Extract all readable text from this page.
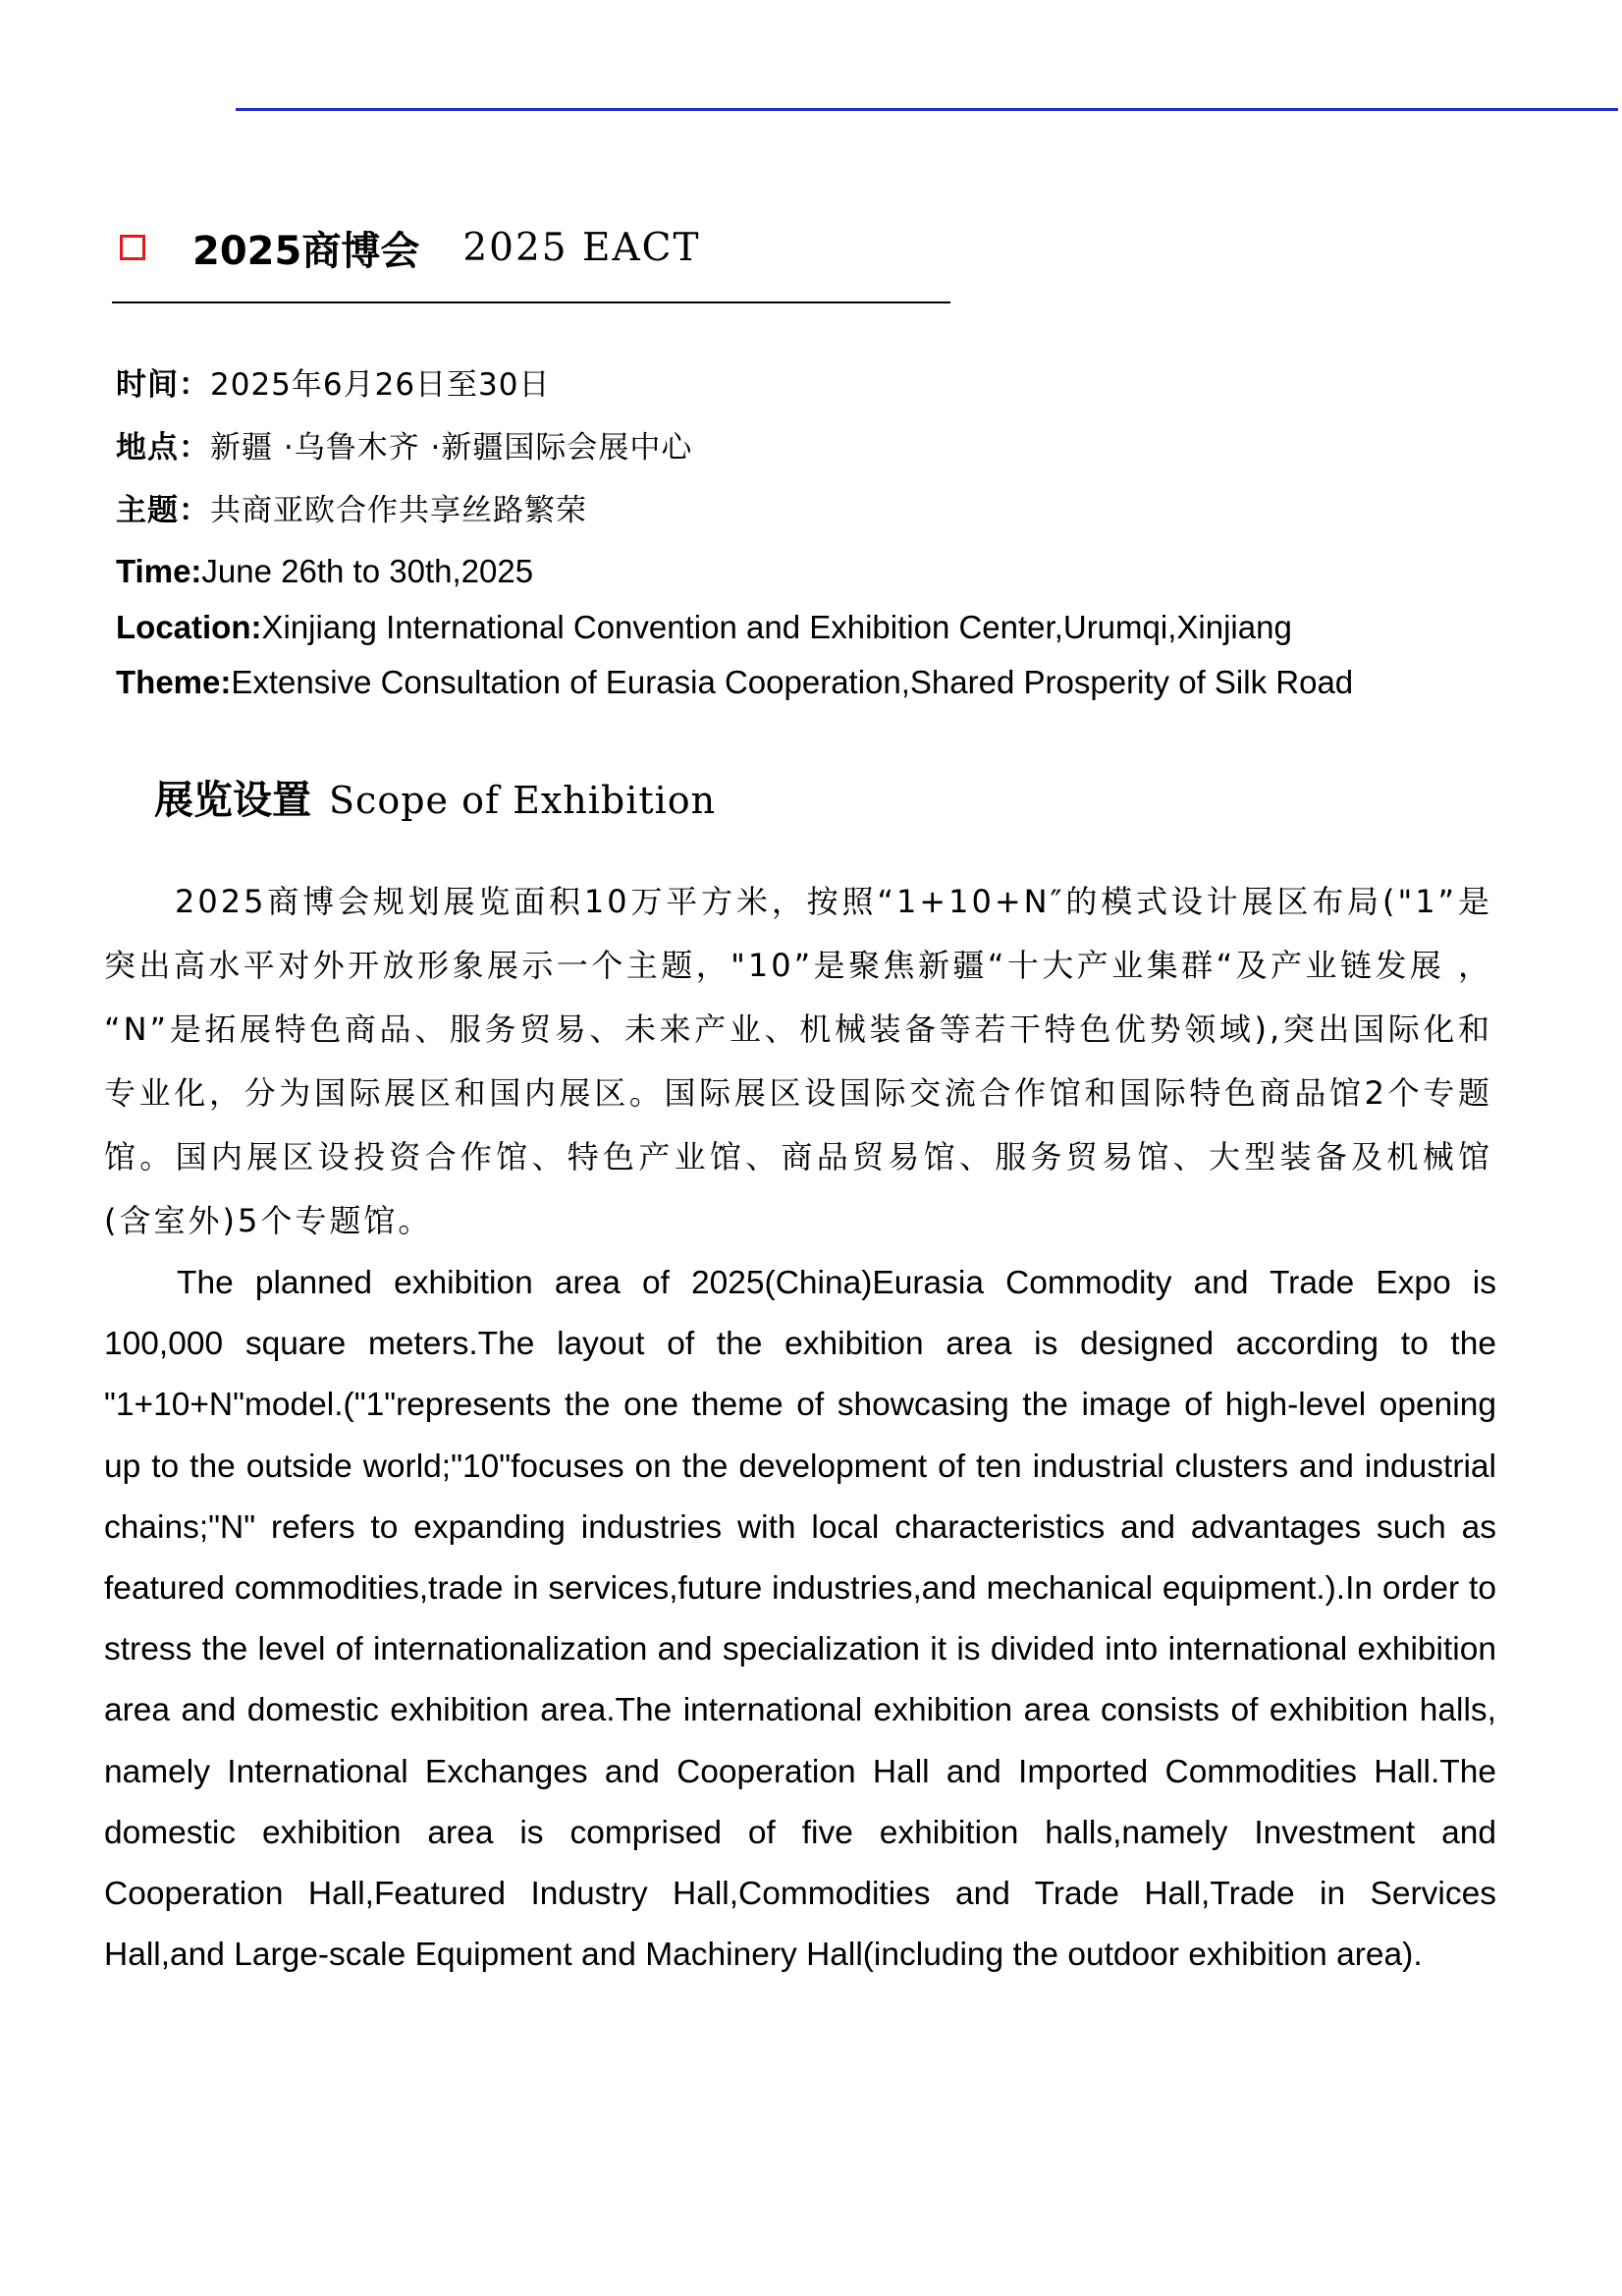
2025商博会 2025 EACT
时间：2025年6月26日至30日
地点：新疆 ·乌鲁木齐 ·新疆国际会展中心
主题：共商亚欧合作共享丝路繁荣
Time:June 26th to 30th,2025
Location:Xinjiang International Convention and Exhibition Center,Urumqi,Xinjiang
Theme:Extensive Consultation of Eurasia Cooperation,Shared Prosperity of Silk Road
展览设置 Scope of Exhibition

2025商博会规划展览面积10万平方米，按照“1+10+N″的模式设计展区布局("1”是突出高水平对外开放形象展示一个主题，"10”是聚焦新疆“十大产业集群“及产业链发展 ， “N”是拓展特色商品、服务贸易、未来产业、机械装备等若干特色优势领域),突出国际化和专业化，分为国际展区和国内展区。国际展区设国际交流合作馆和国际特色商品馆2个专题馆。国内展区设投资合作馆、特色产业馆、商品贸易馆、服务贸易馆、大型装备及机械馆(含室外)5个专题馆。

The planned exhibition area of 2025(China)Eurasia Commodity and Trade Expo is 100,000 square meters.The layout of the exhibition area is designed according to the "1+10+N"model.("1"represents the one theme of showcasing the image of high-level opening up to the outside world;"10"focuses on the development of ten industrial clusters and industrial chains;"N" refers to expanding industries with local characteristics and advantages such as featured commodities,trade in services,future industries,and mechanical equipment.).In order to stress the level of internationalization and specialization it is divided into international exhibition area and domestic exhibition area.The international exhibition area consists of exhibition halls, namely International Exchanges and Cooperation Hall and Imported Commodities Hall.The domestic exhibition area is comprised of five exhibition halls,namely Investment and Cooperation Hall,Featured Industry Hall,Commodities and Trade Hall,Trade in Services Hall,and Large-scale Equipment and Machinery Hall(including the outdoor exhibition area).
